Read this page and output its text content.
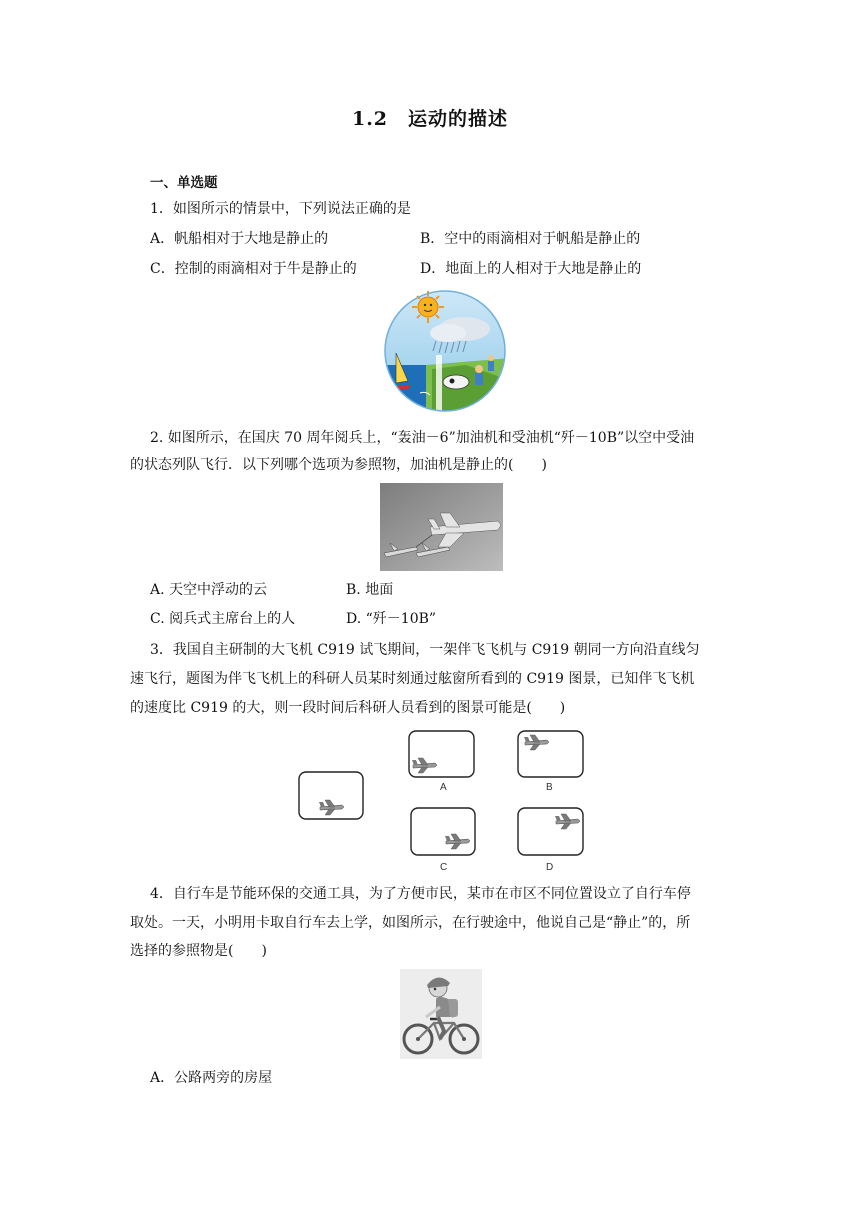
1.2　运动的描述
一、单选题
1．如图所示的情景中，下列说法正确的是
A．帆船相对于大地是静止的	B．空中的雨滴相对于帆船是静止的
C．控制的雨滴相对于牛是静止的	D．地面上的人相对于大地是静止的
2. 如图所示，在国庆 70 周年阅兵上，“轰油－6”加油机和受油机“歼－10B”以空中受油
的状态列队飞行．以下列哪个选项为参照物，加油机是静止的(　　)
A. 天空中浮动的云	B. 地面
C. 阅兵式主席台上的人	D. “歼－10B”
3．我国自主研制的大飞机 C919 试飞期间，一架伴飞飞机与 C919 朝同一方向沿直线匀
速飞行，题图为伴飞飞机上的科研人员某时刻通过舷窗所看到的 C919 图景，已知伴飞飞机
的速度比 C919 的大，则一段时间后科研人员看到的图景可能是(　　)
A	B
C	D
4．自行车是节能环保的交通工具，为了方便市民，某市在市区不同位置设立了自行车停
取处。一天，小明用卡取自行车去上学，如图所示，在行驶途中，他说自己是“静止”的，所
选择的参照物是(　　)
A．公路两旁的房屋
